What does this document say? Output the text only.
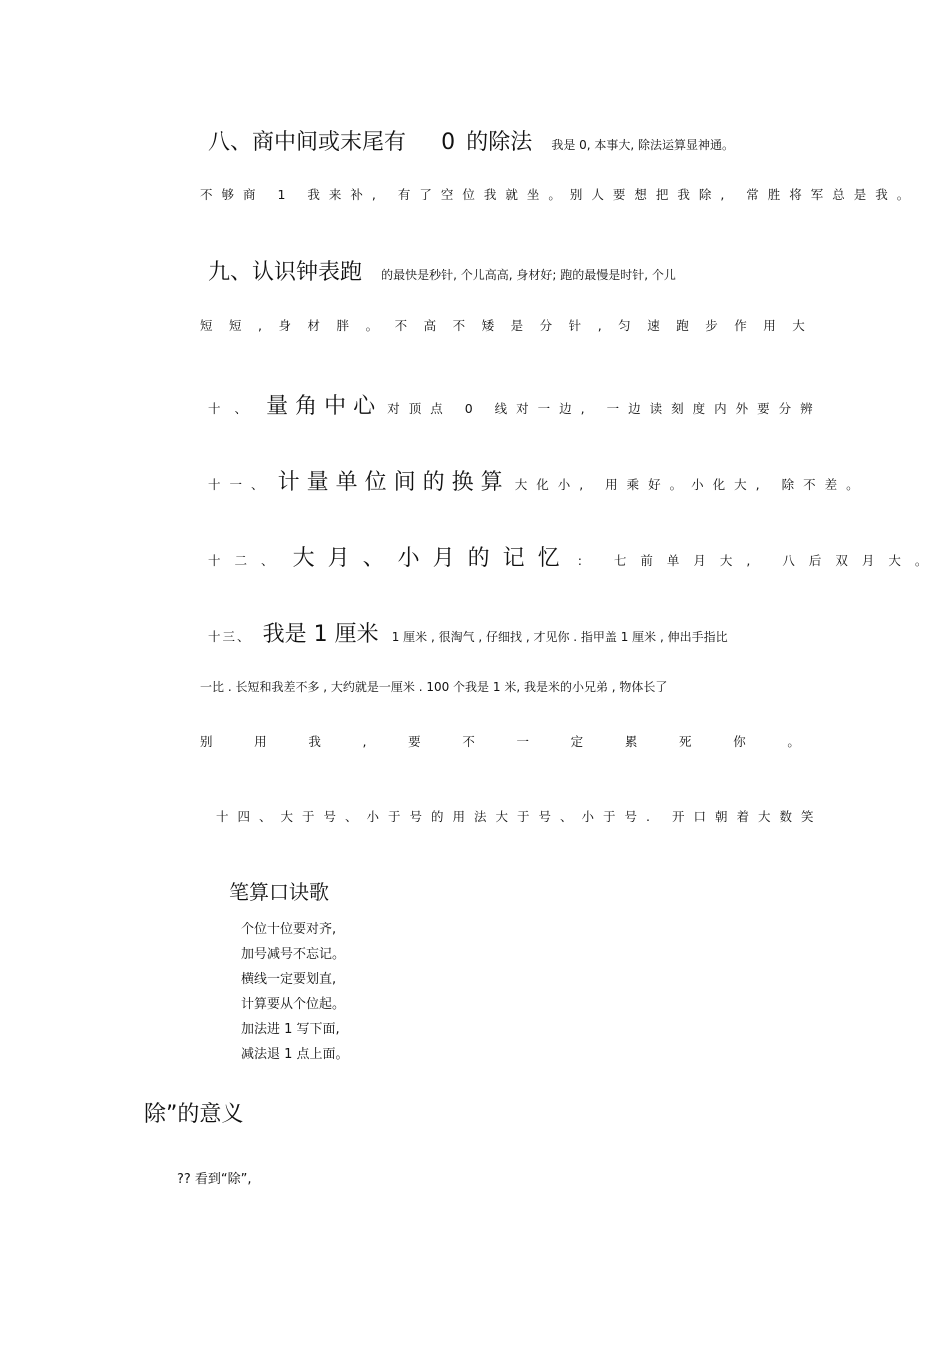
八、商中间或末尾有 0 的除法 我是 0, 本事大, 除法运算显神通。
不够商 1 我来补, 有了空位我就坐。别人要想把我除, 常胜将军总是我。
九、认识钟表跑 的最快是秒针, 个儿高高, 身材好; 跑的最慢是时针, 个儿
短 短 , 身 材 胖 。 不 高 不 矮 是 分 针 , 匀 速 跑 步 作 用 大
十、 量角中心 对顶点 0 线对一边, 一边读刻度内外要分辨
十一、 计量单位间的换算 大化小, 用乘好。小化大, 除不差。
十二、 大月、小月的记忆 : 七前单月大, 八后双月大。
十三、 我是 1 厘米 1 厘米 , 很淘气 , 仔细找 , 才见你 . 指甲盖 1 厘米 , 伸出手指比
一比 . 长短和我差不多 , 大约就是一厘米 . 100 个我是 1 米, 我是米的小兄弟 , 物体长了
别	用	我	,	要	不	一	定	累	死	你	。
十四、大于号、小于号的用法大于号、小于号. 开口朝着大数笑
笔算口诀歌
个位十位要对齐,
加号减号不忘记。
横线一定要划直,
计算要从个位起。
加法进 1 写下面,
减法退 1 点上面。
除”的意义
?? 看到“除”,
